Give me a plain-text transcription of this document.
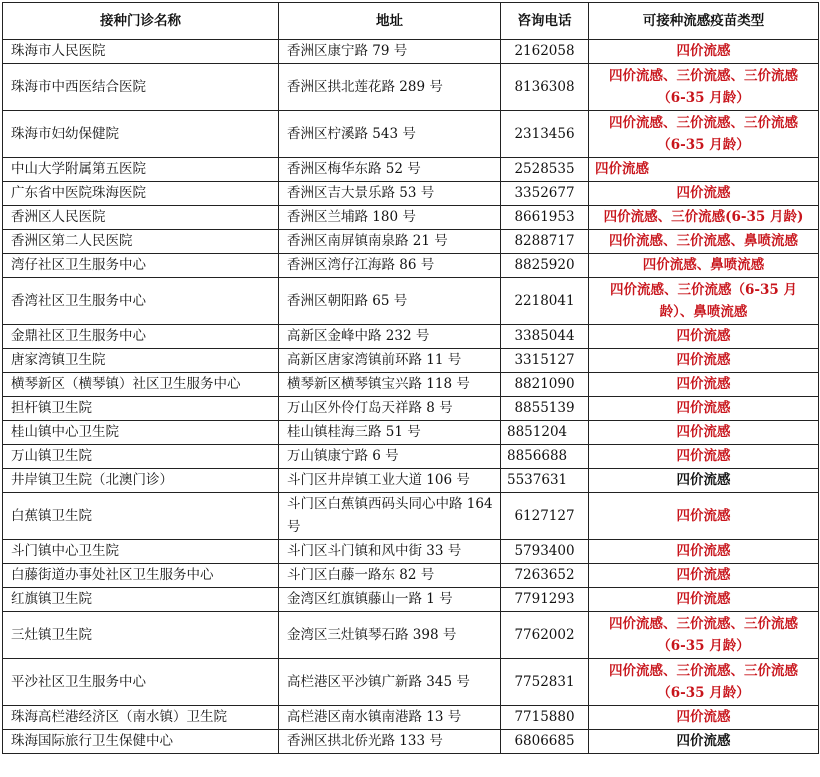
接种门诊名称	地址	咨询电话	可接种流感疫苗类型
珠海市人民医院	香洲区康宁路 79 号	2162058	四价流感
珠海市中西医结合医院	香洲区拱北莲花路 289 号	8136308	四价流感、三价流感、三价流感（6-35 月龄）

珠海市妇幼保健院	香洲区柠溪路 543 号	2313456	四价流感、三价流感、三价流感（6-35 月龄）

中山大学附属第五医院	香洲区梅华东路 52 号	2528535	四价流感
广东省中医院珠海医院	香洲区吉大景乐路 53 号	3352677	四价流感
香洲区人民医院	香洲区兰埔路 180 号	8661953	四价流感、三价流感(6-35 月龄)
香洲区第二人民医院	香洲区南屏镇南泉路 21 号	8288717	四价流感、三价流感、鼻喷流感
湾仔社区卫生服务中心	香洲区湾仔江海路 86 号	8825920	四价流感、鼻喷流感
香湾社区卫生服务中心	香洲区朝阳路 65 号	2218041	四价流感、三价流感（6-35 月龄）、鼻喷流感

金鼎社区卫生服务中心	高新区金峰中路 232 号	3385044	四价流感
唐家湾镇卫生院	高新区唐家湾镇前环路 11 号	3315127	四价流感
横琴新区（横琴镇）社区卫生服务中心	横琴新区横琴镇宝兴路 118 号	8821090	四价流感
担杆镇卫生院	万山区外伶仃岛天祥路 8 号	8855139	四价流感
桂山镇中心卫生院	桂山镇桂海三路 51 号	8851204	四价流感
万山镇卫生院	万山镇康宁路 6 号	8856688	四价流感
井岸镇卫生院（北澳门诊）	斗门区井岸镇工业大道 106 号	5537631	四价流感
白蕉镇卫生院	斗门区白蕉镇西码头同心中路 164 号	6127127	四价流感
斗门镇中心卫生院	斗门区斗门镇和风中街 33 号	5793400	四价流感
白藤街道办事处社区卫生服务中心	斗门区白藤一路东 82 号	7263652	四价流感
红旗镇卫生院	金湾区红旗镇藤山一路 1 号	7791293	四价流感
三灶镇卫生院	金湾区三灶镇琴石路 398 号	7762002	四价流感、三价流感、三价流感（6-35 月龄）

平沙社区卫生服务中心	高栏港区平沙镇广新路 345 号	7752831	四价流感、三价流感、三价流感（6-35 月龄）

珠海高栏港经济区（南水镇）卫生院	高栏港区南水镇南港路 13 号	7715880	四价流感
珠海国际旅行卫生保健中心	香洲区拱北侨光路 133 号	6806685	四价流感
